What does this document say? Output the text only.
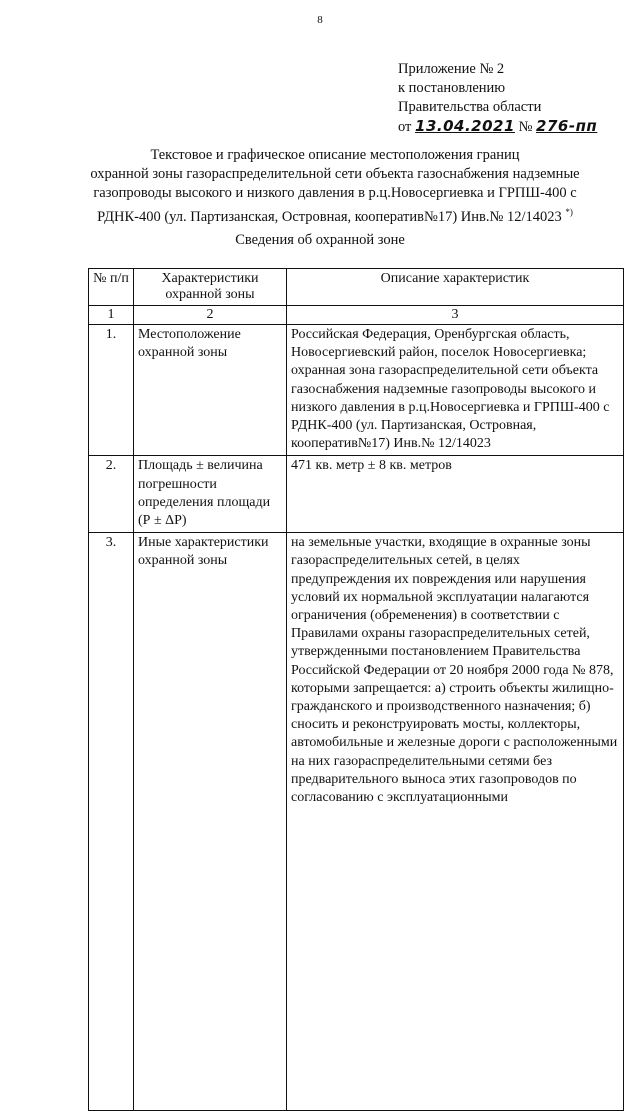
8
Приложение № 2
к постановлению
Правительства области
от 13.04.2021 № 276-пп
Текстовое и графическое описание местоположения границ
охранной зоны газораспределительной сети объекта газоснабжения надземные
газопроводы высокого и низкого давления в р.ц.Новосергиевка и ГРПШ-400 с
РДНК-400 (ул. Партизанская, Островная, кооператив№17) Инв.№ 12/14023 *)
Сведения об охранной зоне
№ п/п	Характеристики охранной зоны	Описание характеристик
1	2	3
1.	Местоположение охранной зоны	Российская Федерация, Оренбургская область, Новосергиевский район, поселок Новосергиевка; охранная зона газораспределительной сети объекта газоснабжения надземные газопроводы высокого и низкого давления в р.ц.Новосергиевка и ГРПШ-400 с РДНК-400 (ул. Партизанская, Островная, кооператив№17) Инв.№ 12/14023
2.	Площадь ± величина погрешности определения площади (Р ± ΔР)	471 кв. метр ± 8 кв. метров
3.	Иные характеристики охранной зоны	на земельные участки, входящие в охранные зоны газораспределительных сетей, в целях предупреждения их повреждения или нарушения условий их нормальной эксплуатации налагаются ограничения (обременения) в соответствии с Правилами охраны газораспределительных сетей, утвержденными постановлением Правительства Российской Федерации от 20 ноября 2000 года № 878, которыми запрещается: а) строить объекты жилищно-гражданского и производственного назначения; б) сносить и реконструировать мосты, коллекторы, автомобильные и железные дороги с расположенными на них газораспределительными сетями без предварительного выноса этих газопроводов по согласованию с эксплуатационными
